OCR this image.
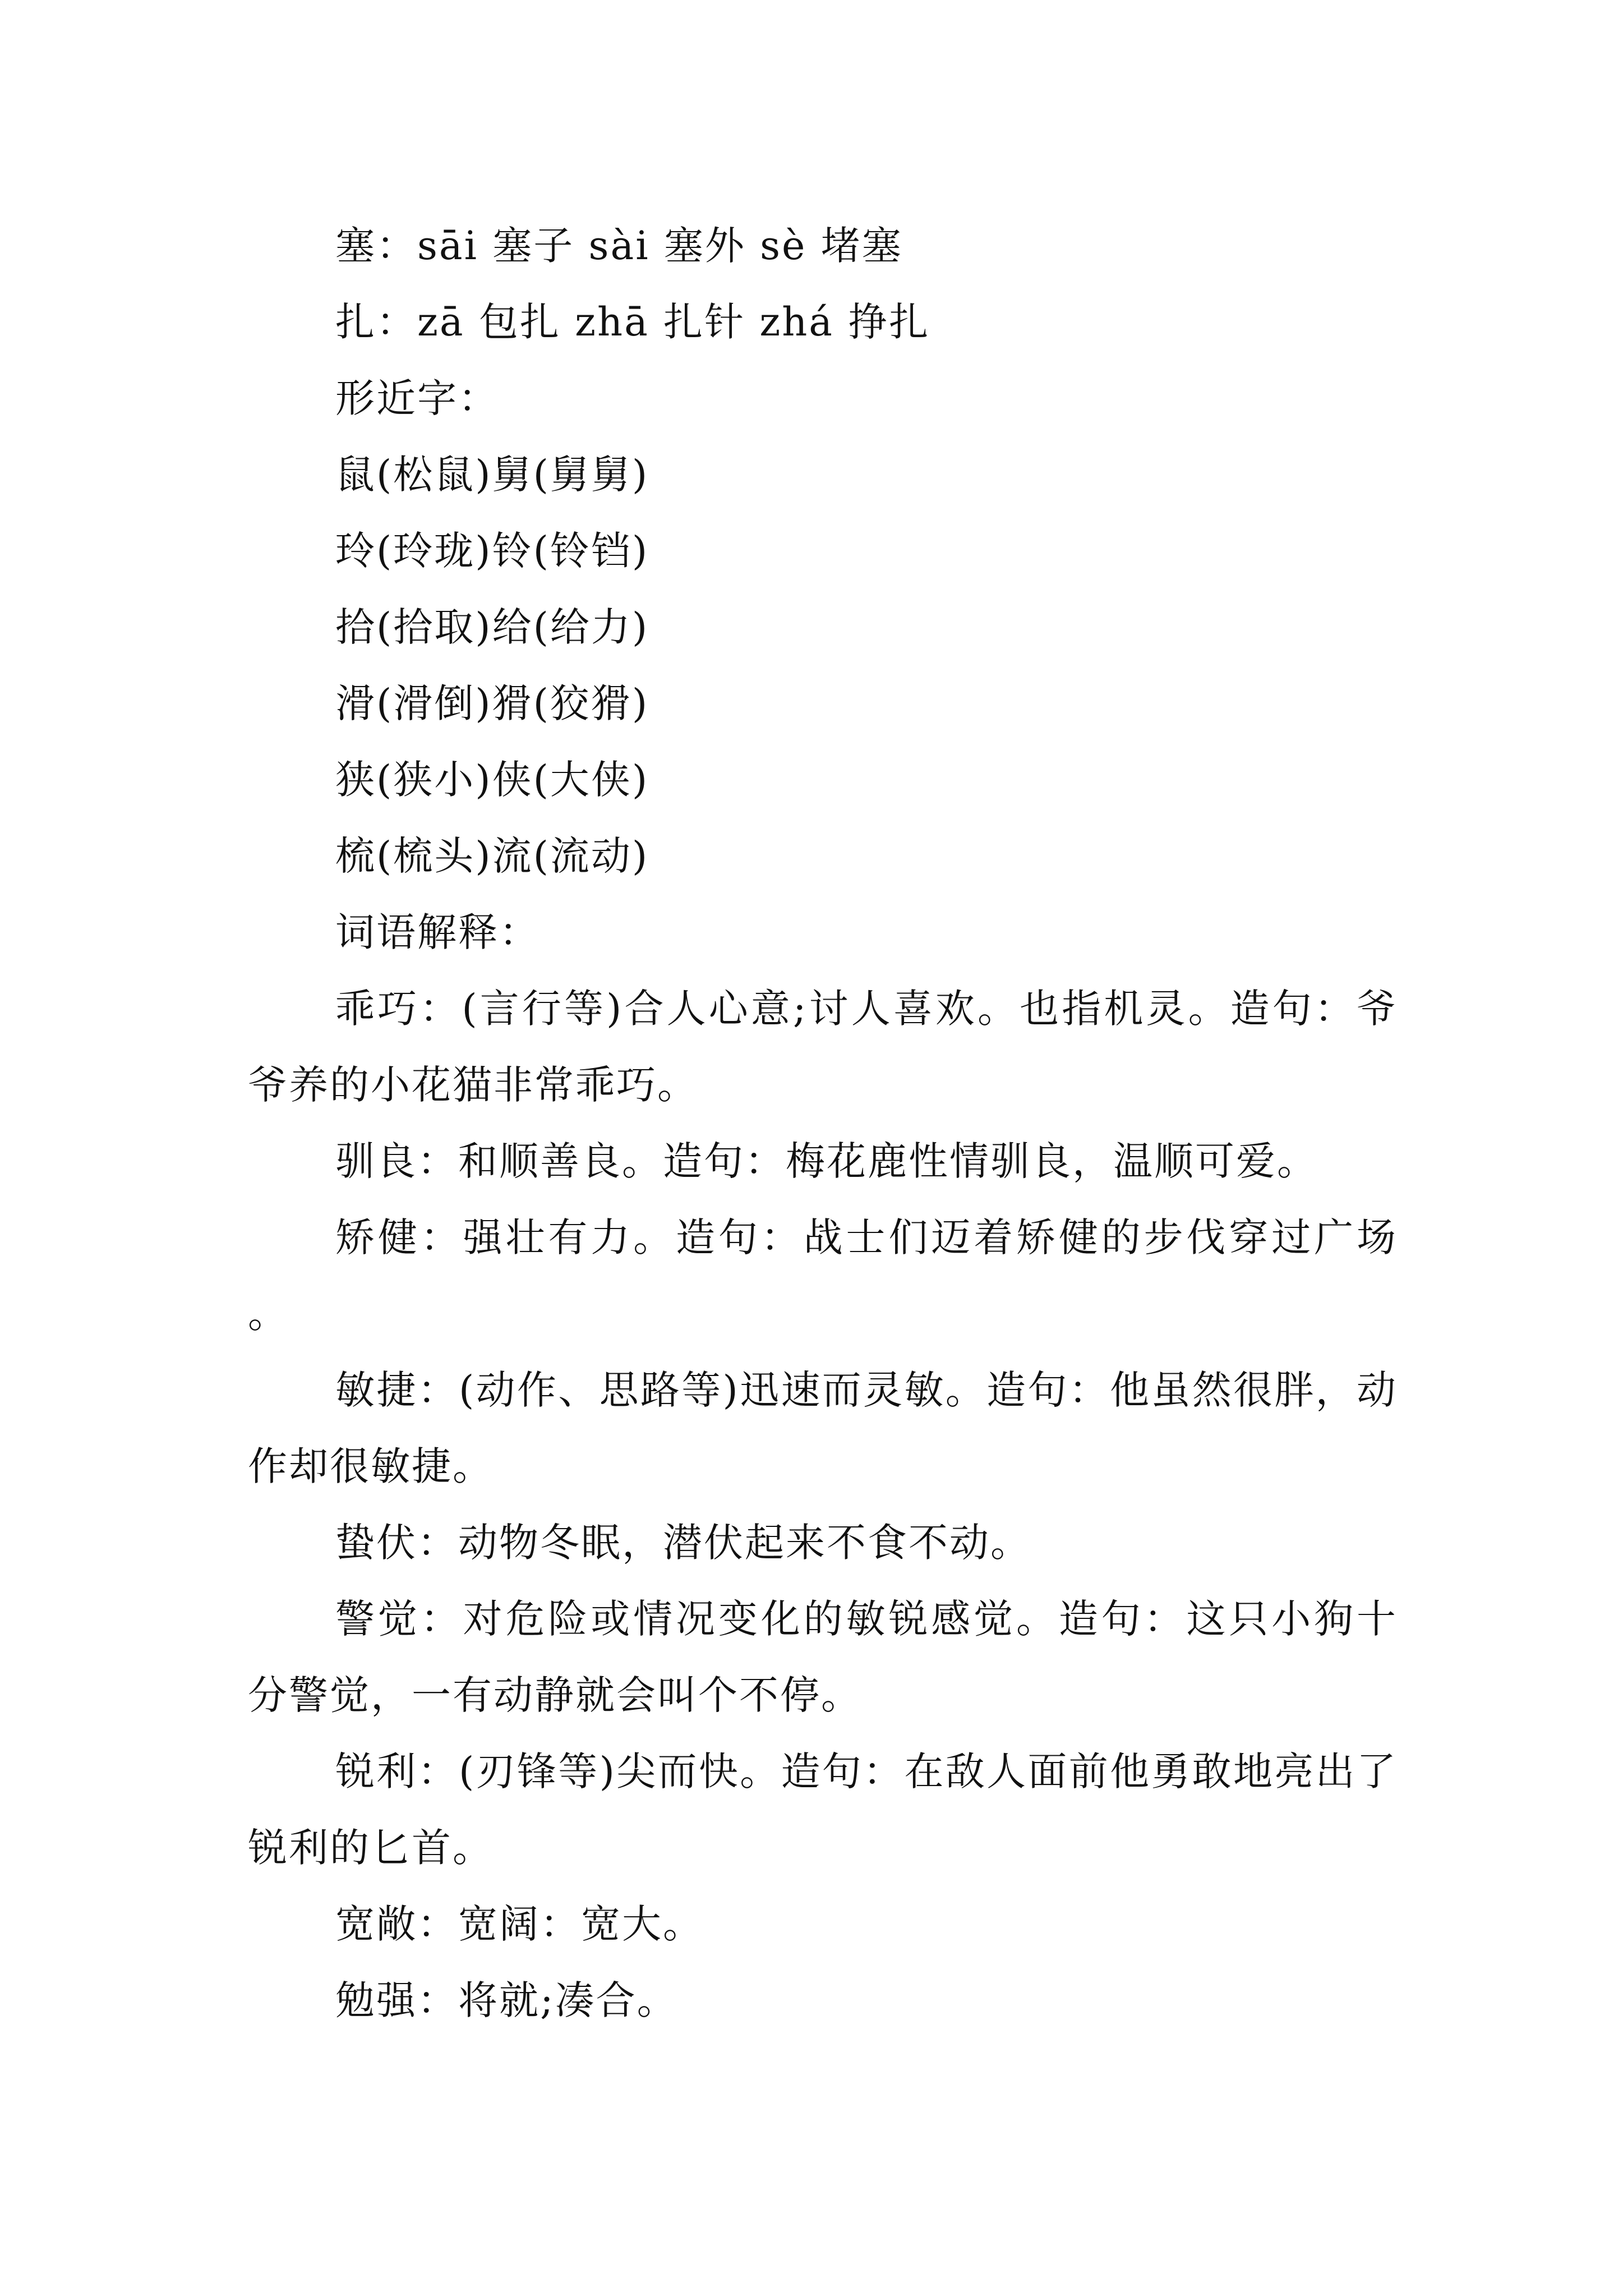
塞：sāi 塞子 sài 塞外 sè 堵塞

扎：zā 包扎 zhā 扎针 zhá 挣扎

形近字：

鼠(松鼠)舅(舅舅)

玲(玲珑)铃(铃铛)

拾(拾取)给(给力)

滑(滑倒)猾(狡猾)

狭(狭小)侠(大侠)

梳(梳头)流(流动)

词语解释：

乖巧：(言行等)合人心意;讨人喜欢。也指机灵。造句：爷爷养的小花猫非常乖巧。

驯良：和顺善良。造句：梅花鹿性情驯良，温顺可爱。

矫健：强壮有力。造句：战士们迈着矫健的步伐穿过广场。

敏捷：(动作、思路等)迅速而灵敏。造句：他虽然很胖，动作却很敏捷。

蛰伏：动物冬眠，潜伏起来不食不动。

警觉：对危险或情况变化的敏锐感觉。造句：这只小狗十分警觉，一有动静就会叫个不停。

锐利：(刃锋等)尖而快。造句：在敌人面前他勇敢地亮出了锐利的匕首。

宽敞：宽阔：宽大。

勉强：将就;凑合。
